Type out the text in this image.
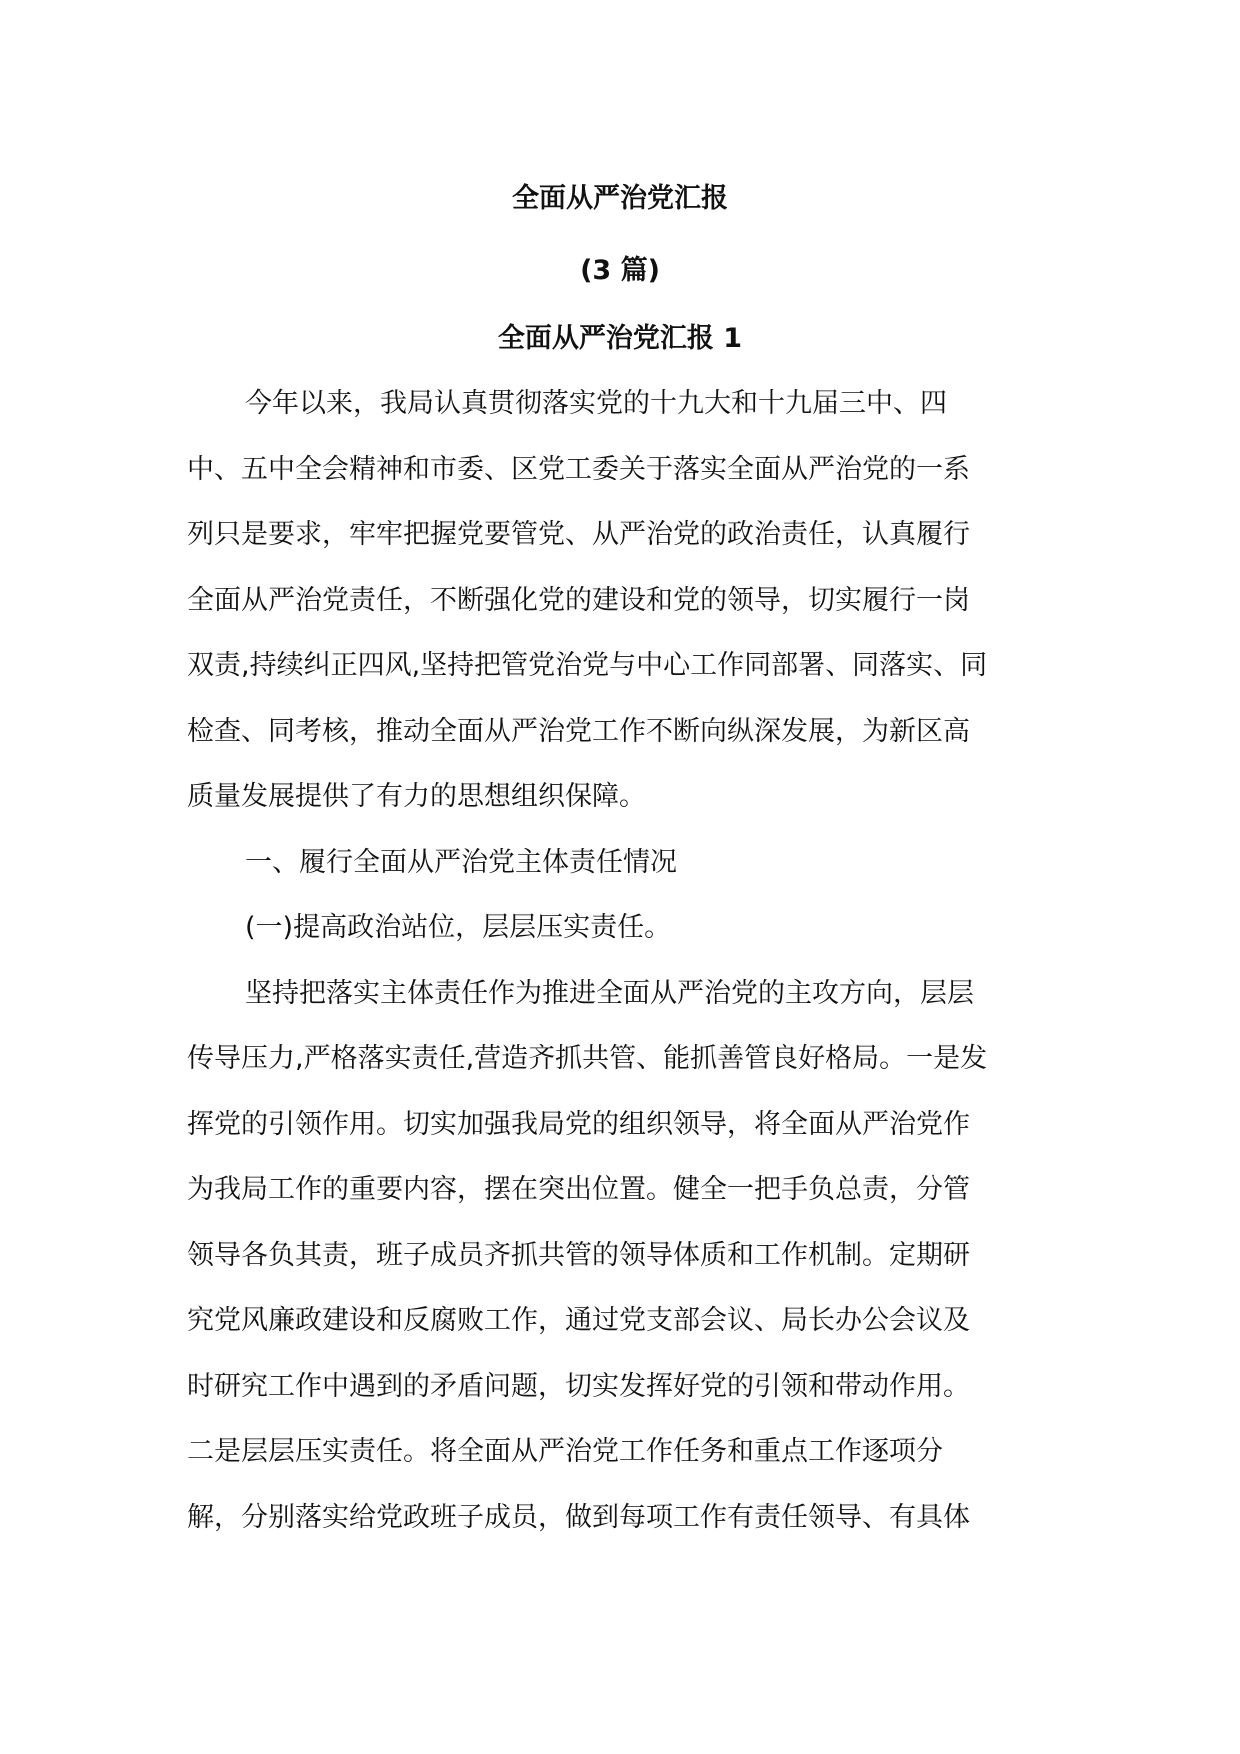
全面从严治党汇报
(3 篇)
全面从严治党汇报 1

今年以来，我局认真贯彻落实党的十九大和十九届三中、四

中、五中全会精神和市委、区党工委关于落实全面从严治党的一系

列只是要求，牢牢把握党要管党、从严治党的政治责任，认真履行

全面从严治党责任，不断强化党的建设和党的领导，切实履行一岗

双责,持续纠正四风,坚持把管党治党与中心工作同部署、同落实、同

检查、同考核，推动全面从严治党工作不断向纵深发展，为新区高

质量发展提供了有力的思想组织保障。

一、履行全面从严治党主体责任情况

(一)提高政治站位，层层压实责任。

坚持把落实主体责任作为推进全面从严治党的主攻方向，层层

传导压力,严格落实责任,营造齐抓共管、能抓善管良好格局。一是发

挥党的引领作用。切实加强我局党的组织领导，将全面从严治党作

为我局工作的重要内容，摆在突出位置。健全一把手负总责，分管

领导各负其责，班子成员齐抓共管的领导体质和工作机制。定期研

究党风廉政建设和反腐败工作，通过党支部会议、局长办公会议及

时研究工作中遇到的矛盾问题，切实发挥好党的引领和带动作用。

二是层层压实责任。将全面从严治党工作任务和重点工作逐项分

解，分别落实给党政班子成员，做到每项工作有责任领导、有具体
